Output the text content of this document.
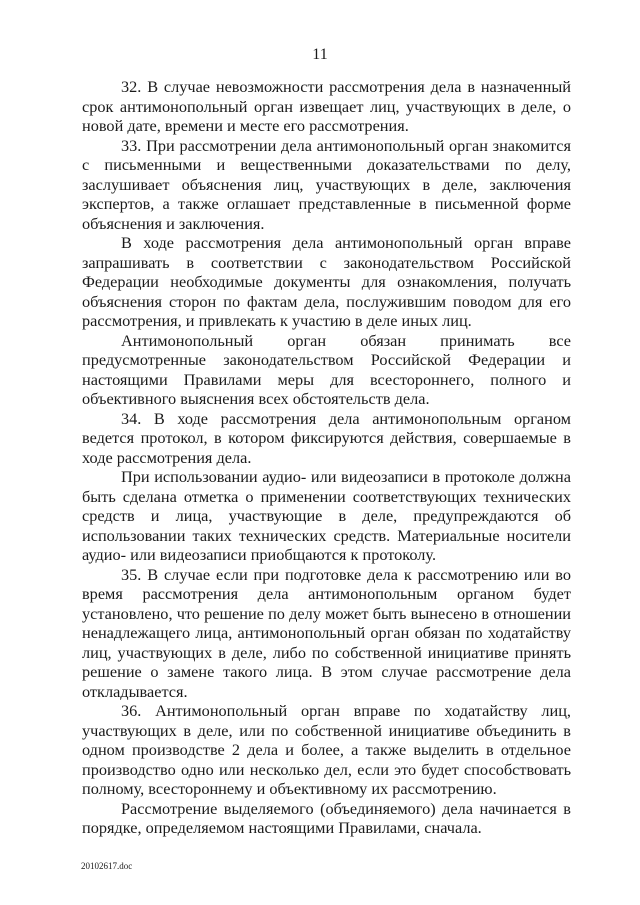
11

32. В случае невозможности рассмотрения дела в назначенный срок антимонопольный орган извещает лиц, участвующих в деле, о новой дате, времени и месте его рассмотрения.

33. При рассмотрении дела антимонопольный орган знакомится с письменными и вещественными доказательствами по делу, заслушивает объяснения лиц, участвующих в деле, заключения экспертов, а также оглашает представленные в письменной форме объяснения и заключения.

В ходе рассмотрения дела антимонопольный орган вправе запрашивать в соответствии с законодательством Российской Федерации необходимые документы для ознакомления, получать объяснения сторон по фактам дела, послужившим поводом для его рассмотрения, и привлекать к участию в деле иных лиц.

Антимонопольный орган обязан принимать все предусмотренные законодательством Российской Федерации и настоящими Правилами меры для всестороннего, полного и объективного выяснения всех обстоятельств дела.

34. В ходе рассмотрения дела антимонопольным органом ведется протокол, в котором фиксируются действия, совершаемые в ходе рассмотрения дела.

При использовании аудио- или видеозаписи в протоколе должна быть сделана отметка о применении соответствующих технических средств и лица, участвующие в деле, предупреждаются об использовании таких технических средств. Материальные носители аудио- или видеозаписи приобщаются к протоколу.

35. В случае если при подготовке дела к рассмотрению или во время рассмотрения дела антимонопольным органом будет установлено, что решение по делу может быть вынесено в отношении ненадлежащего лица, антимонопольный орган обязан по ходатайству лиц, участвующих в деле, либо по собственной инициативе принять решение о замене такого лица. В этом случае рассмотрение дела откладывается.

36. Антимонопольный орган вправе по ходатайству лиц, участвующих в деле, или по собственной инициативе объединить в одном производстве 2 дела и более, а также выделить в отдельное производство одно или несколько дел, если это будет способствовать полному, всестороннему и объективному их рассмотрению.

Рассмотрение выделяемого (объединяемого) дела начинается в порядке, определяемом настоящими Правилами, сначала.

20102617.doc
